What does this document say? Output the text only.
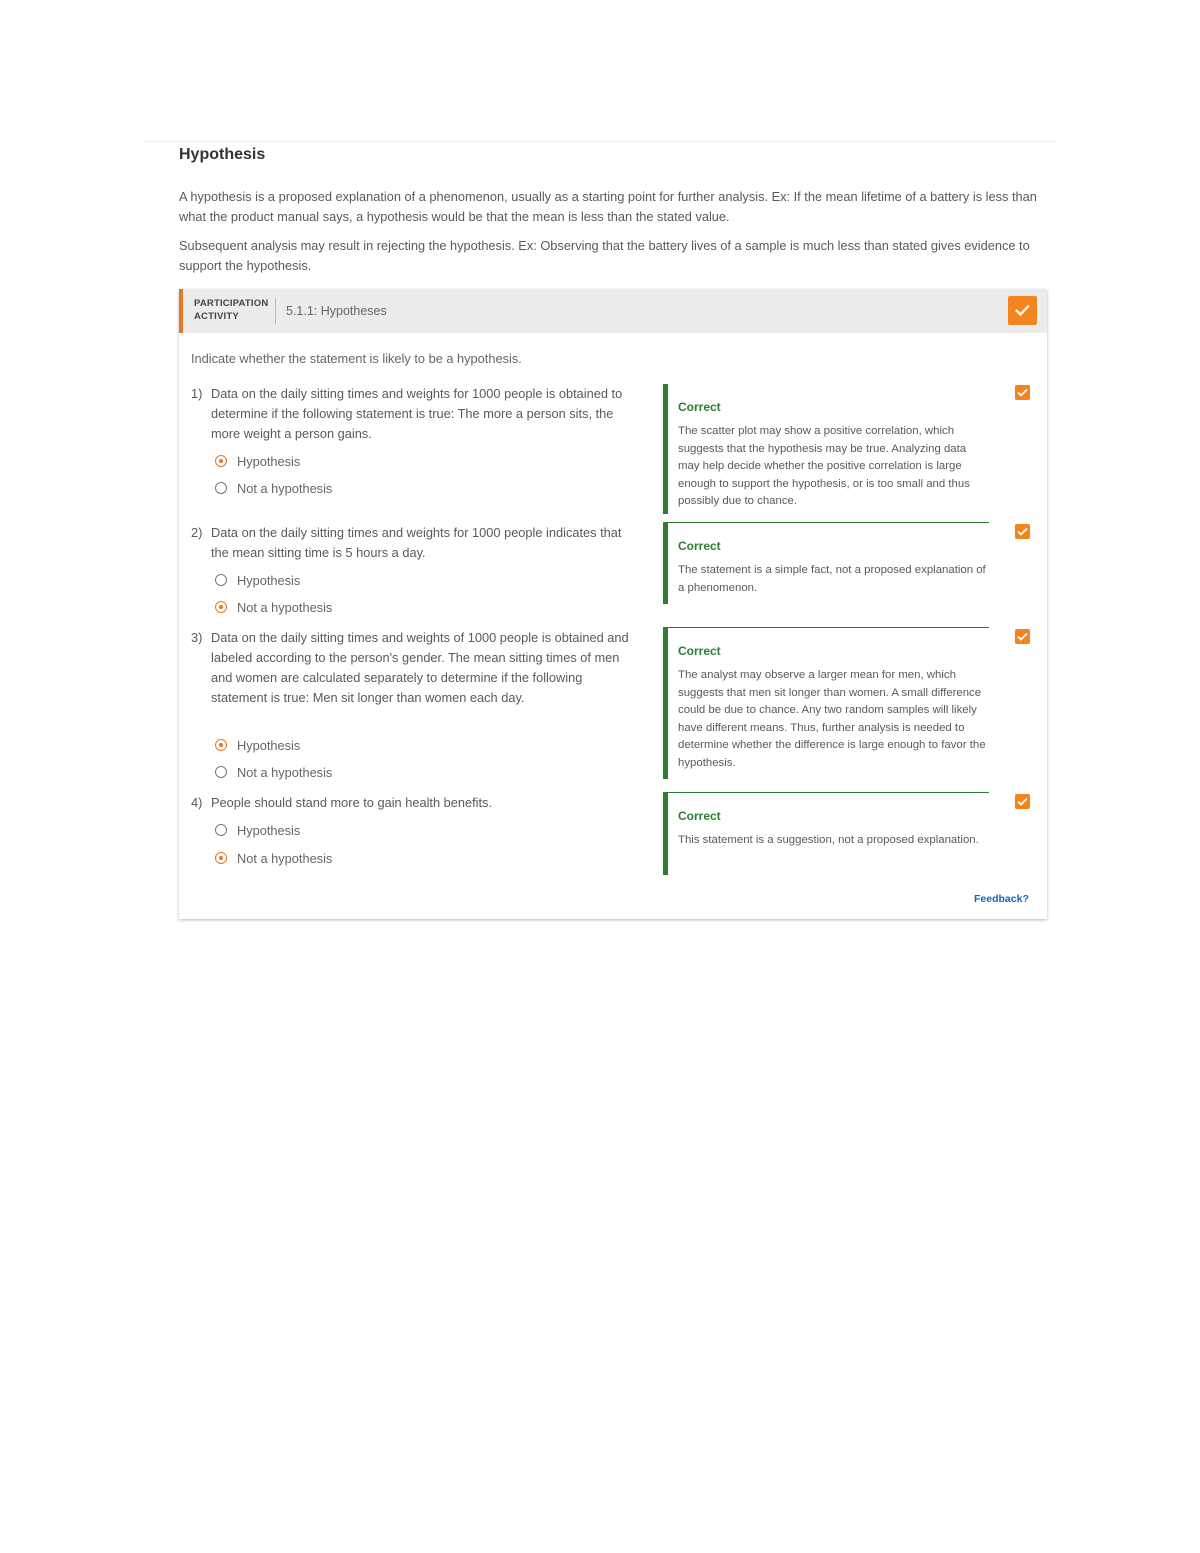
Hypothesis
A hypothesis is a proposed explanation of a phenomenon, usually as a starting point for further analysis. Ex: If the mean lifetime of a battery is less than what the product manual says, a hypothesis would be that the mean is less than the stated value.
Subsequent analysis may result in rejecting the hypothesis. Ex: Observing that the battery lives of a sample is much less than stated gives evidence to support the hypothesis.
PARTICIPATION
ACTIVITY	5.1.1: Hypotheses
Indicate whether the statement is likely to be a hypothesis.
1) Data on the daily sitting times and weights for 1000 people is obtained to determine if the following statement is true: The more a person sits, the more weight a person gains.
Hypothesis
Not a hypothesis
2) Data on the daily sitting times and weights for 1000 people indicates that the mean sitting time is 5 hours a day.
Hypothesis
Not a hypothesis
3) Data on the daily sitting times and weights of 1000 people is obtained and labeled according to the person's gender. The mean sitting times of men and women are calculated separately to determine if the following statement is true: Men sit longer than women each day.
Hypothesis
Not a hypothesis
4) People should stand more to gain health benefits.
Hypothesis
Not a hypothesis
Correct
The scatter plot may show a positive correlation, which suggests that the hypothesis may be true. Analyzing data may help decide whether the positive correlation is large enough to support the hypothesis, or is too small and thus possibly due to chance.
Correct
The statement is a simple fact, not a proposed explanation of a phenomenon.
Correct
The analyst may observe a larger mean for men, which suggests that men sit longer than women. A small difference could be due to chance. Any two random samples will likely have different means. Thus, further analysis is needed to determine whether the difference is large enough to favor the hypothesis.
Correct
This statement is a suggestion, not a proposed explanation.
Feedback?
